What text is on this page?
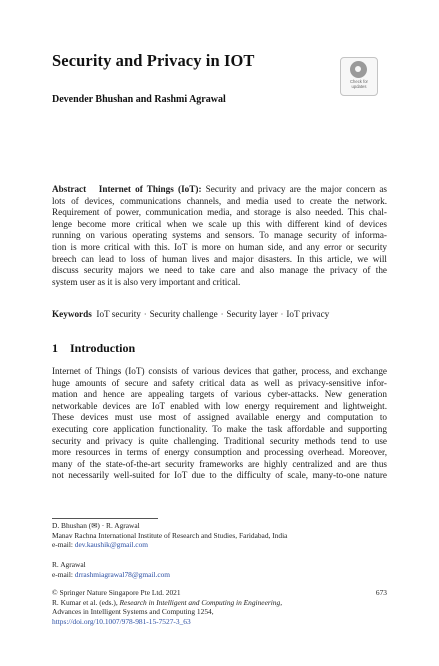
Security and Privacy in IOT
Check for
updates
Devender Bhushan and Rashmi Agrawal
Abstract Internet of Things (IoT): Security and privacy are the major concern as
lots of devices, communications channels, and media used to create the network.
Requirement of power, communication media, and storage is also needed. This chal-
lenge become more critical when we scale up this with different kind of devices
running on various operating systems and sensors. To manage security of informa-
tion is more critical with this. IoT is more on human side, and any error or security
breech can lead to loss of human lives and major disasters. In this article, we will
discuss security majors we need to take care and also manage the privacy of the
system user as it is also very important and critical.
Keywords IoT security · Security challenge · Security layer · IoT privacy
1 Introduction
Internet of Things (IoT) consists of various devices that gather, process, and exchange
huge amounts of secure and safety critical data as well as privacy-sensitive infor-
mation and hence are appealing targets of various cyber-attacks. New generation
networkable devices are IoT enabled with low energy requirement and lightweight.
These devices must use most of assigned available energy and computation to
executing core application functionality. To make the task affordable and supporting
security and privacy is quite challenging. Traditional security methods tend to use
more resources in terms of energy consumption and processing overhead. Moreover,
many of the state-of-the-art security frameworks are highly centralized and are thus
not necessarily well-suited for IoT due to the difficulty of scale, many-to-one nature
D. Bhushan (✉) · R. Agrawal
Manav Rachna International Institute of Research and Studies, Faridabad, India
e-mail: dev.kaushik@gmail.com
R. Agrawal
e-mail: drrashmiagrawal78@gmail.com
© Springer Nature Singapore Pte Ltd. 2021	673
R. Kumar et al. (eds.), Research in Intelligent and Computing in Engineering,
Advances in Intelligent Systems and Computing 1254,
https://doi.org/10.1007/978-981-15-7527-3_63
